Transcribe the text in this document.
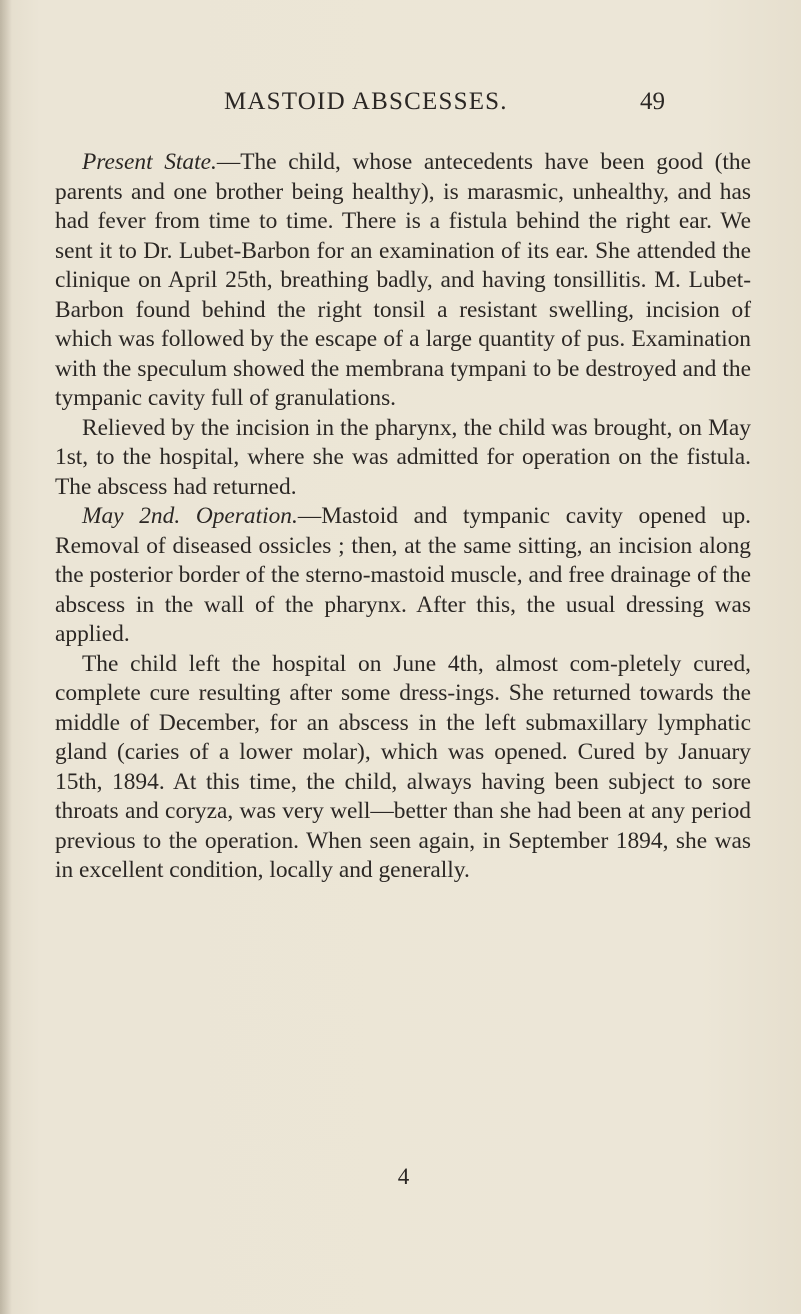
MASTOID ABSCESSES.	49

Present State.—The child, whose antecedents have been good (the parents and one brother being healthy), is marasmic, unhealthy, and has had fever from time to time. There is a fistula behind the right ear. We sent it to Dr. Lubet-Barbon for an examination of its ear. She attended the clinique on April 25th, breathing badly, and having tonsillitis. M. Lubet-Barbon found behind the right tonsil a resistant swelling, incision of which was followed by the escape of a large quantity of pus. Examination with the speculum showed the membrana tympani to be destroyed and the tympanic cavity full of granulations.

Relieved by the incision in the pharynx, the child was brought, on May 1st, to the hospital, where she was admitted for operation on the fistula. The abscess had returned.

May 2nd. Operation.—Mastoid and tympanic cavity opened up. Removal of diseased ossicles ; then, at the same sitting, an incision along the posterior border of the sterno-mastoid muscle, and free drainage of the abscess in the wall of the pharynx. After this, the usual dressing was applied.

The child left the hospital on June 4th, almost com-pletely cured, complete cure resulting after some dress-ings. She returned towards the middle of December, for an abscess in the left submaxillary lymphatic gland (caries of a lower molar), which was opened. Cured by January 15th, 1894. At this time, the child, always having been subject to sore throats and coryza, was very well—better than she had been at any period previous to the operation. When seen again, in September 1894, she was in excellent condition, locally and generally.

4
